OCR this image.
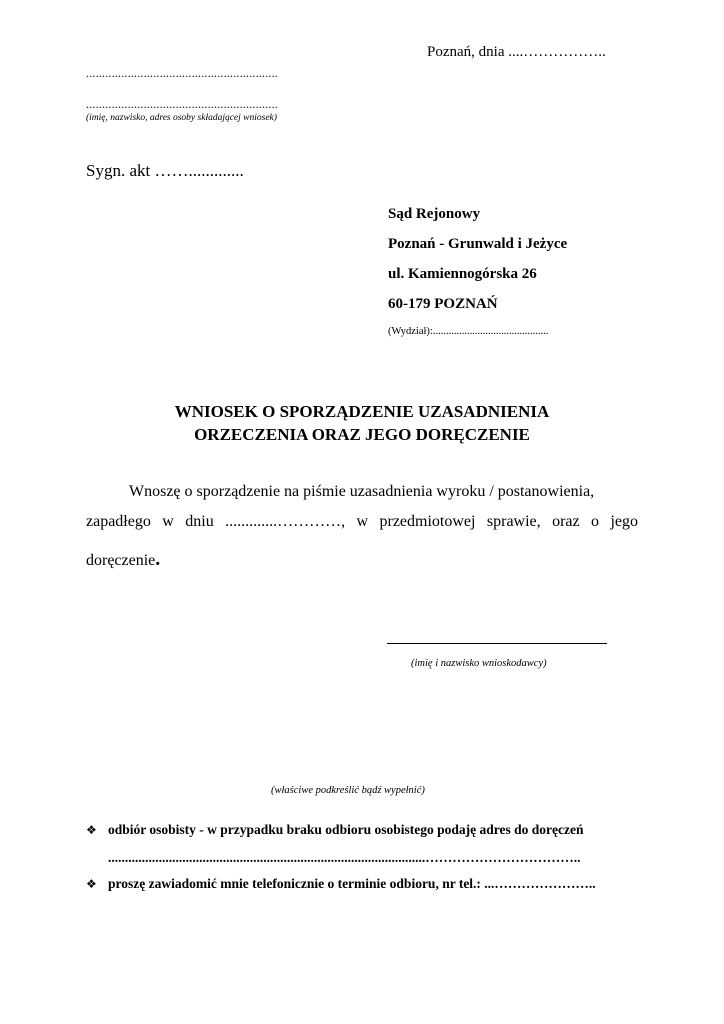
Poznań, dnia ....……………..
............................................................
............................................................
(imię, nazwisko, adres osoby składającej wniosek)
Sygn. akt …….............
Sąd Rejonowy
Poznań - Grunwald i Jeżyce
ul. Kamiennogórska 26
60-179 POZNAŃ
(Wydział):............................................
WNIOSEK O SPORZĄDZENIE UZASADNIENIA
ORZECZENIA ORAZ JEGO DORĘCZENIE
Wnoszę o sporządzenie na piśmie uzasadnienia wyroku / postanowienia,
zapadłego w dniu .............…………, w przedmiotowej sprawie, oraz o jego
doręczenie.
(imię i nazwisko wnioskodawcy)
(właściwe podkreślić bądź wypełnić)
❖ odbiór osobisty - w przypadku braku odbioru osobistego podaję adres do doręczeń
..............................................................................................……………………………..
❖ proszę zawiadomić mnie telefonicznie o terminie odbioru, nr tel.: ...…………………..
